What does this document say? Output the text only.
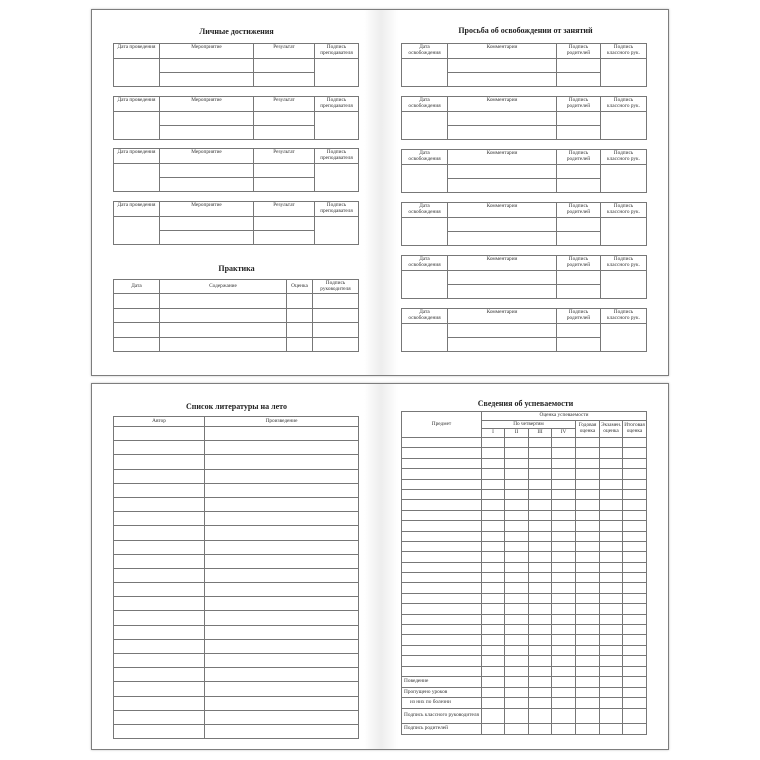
Личные достижения
Дата проведения	Мероприятие	Результат	Подпись преподавателя

Дата проведения	Мероприятие	Результат	Подпись преподавателя

Дата проведения	Мероприятие	Результат	Подпись преподавателя

Дата проведения	Мероприятие	Результат	Подпись преподавателя

Практика
Дата	Содержание	Оценка	Подпись руководителя

Просьба об освобождении от занятий
Дата освобождения	Комментарии	Подпись родителей	Подпись классного рук.

Дата освобождения	Комментарии	Подпись родителей	Подпись классного рук.

Дата освобождения	Комментарии	Подпись родителей	Подпись классного рук.

Дата освобождения	Комментарии	Подпись родителей	Подпись классного рук.

Дата освобождения	Комментарии	Подпись родителей	Подпись классного рук.

Дата освобождения	Комментарии	Подпись родителей	Подпись классного рук.

Список литературы на лето
Автор	Произведение

Сведения об успеваемости
Предмет	Оценка успеваемости						
	По четвертям				Годовая оценка	Экзамен. оценка	Итоговая оценка
	I	II	III	IV			

Поведение							
Пропущено уроков							
из них по болезни							
Подпись классного руководителя							
Подпись родителей							
